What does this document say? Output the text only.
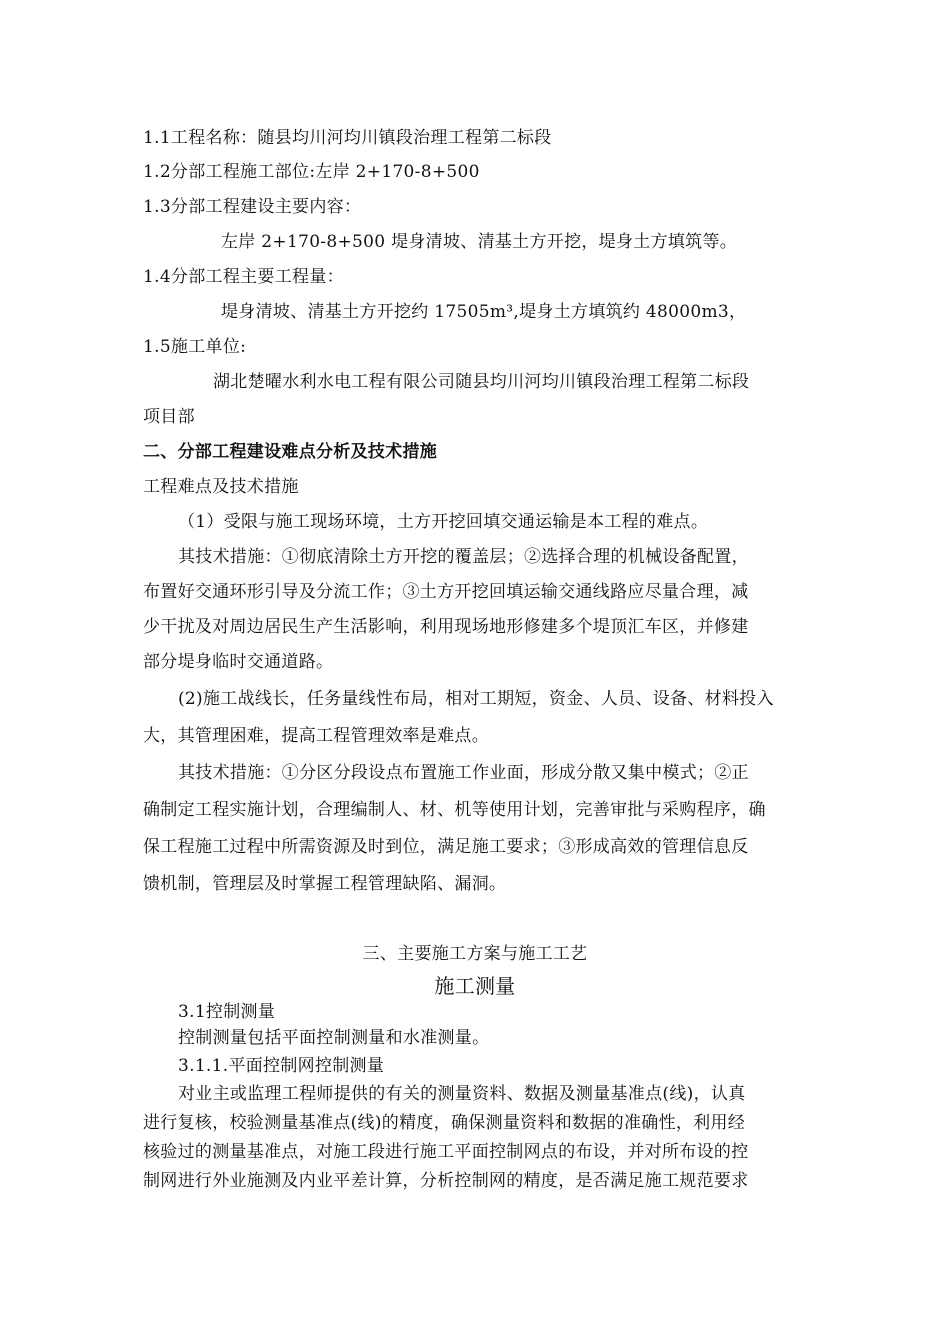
1.1工程名称：随县均川河均川镇段治理工程第二标段
1.2分部工程施工部位:左岸 2+170-8+500
1.3分部工程建设主要内容：
左岸 2+170-8+500 堤身清坡、清基土方开挖，堤身土方填筑等。
1.4分部工程主要工程量：
堤身清坡、清基土方开挖约 17505m³,堤身土方填筑约 48000m3，
1.5施工单位:
湖北楚曜水利水电工程有限公司随县均川河均川镇段治理工程第二标段
项目部
二、分部工程建设难点分析及技术措施
工程难点及技术措施
（1）受限与施工现场环境，土方开挖回填交通运输是本工程的难点。
其技术措施：①彻底清除土方开挖的覆盖层；②选择合理的机械设备配置，
布置好交通环形引导及分流工作；③土方开挖回填运输交通线路应尽量合理，减
少干扰及对周边居民生产生活影响，利用现场地形修建多个堤顶汇车区，并修建
部分堤身临时交通道路。
(2)施工战线长，任务量线性布局，相对工期短，资金、人员、设备、材料投入
大，其管理困难，提高工程管理效率是难点。
其技术措施：①分区分段设点布置施工作业面，形成分散又集中模式；②正
确制定工程实施计划，合理编制人、材、机等使用计划，完善审批与采购程序，确
保工程施工过程中所需资源及时到位，满足施工要求；③形成高效的管理信息反
馈机制，管理层及时掌握工程管理缺陷、漏洞。
三、主要施工方案与施工工艺
施工测量
3.1控制测量
控制测量包括平面控制测量和水准测量。
3.1.1.平面控制网控制测量
对业主或监理工程师提供的有关的测量资料、数据及测量基准点(线)，认真
进行复核，校验测量基准点(线)的精度，确保测量资料和数据的准确性，利用经
核验过的测量基准点，对施工段进行施工平面控制网点的布设，并对所布设的控
制网进行外业施测及内业平差计算，分析控制网的精度，是否满足施工规范要求
